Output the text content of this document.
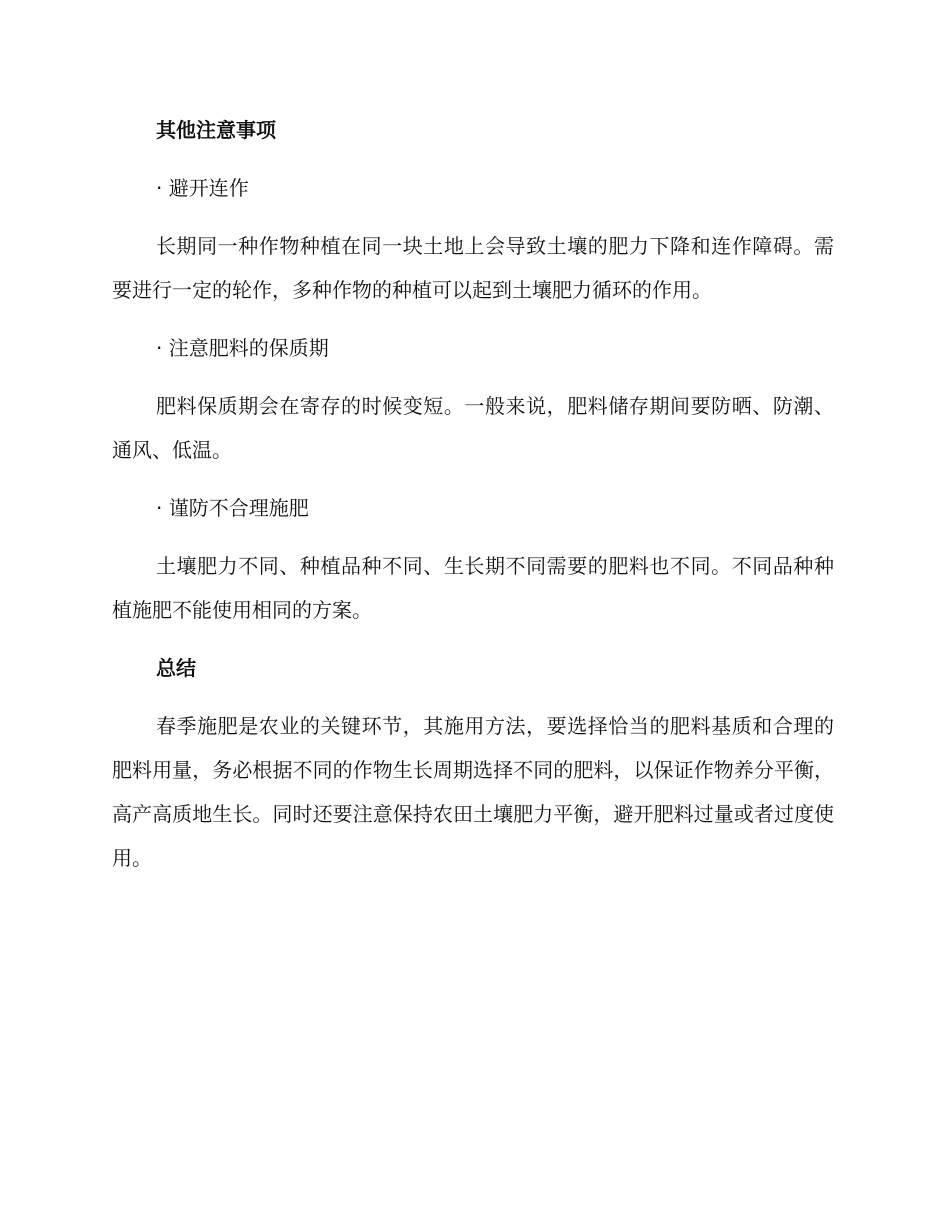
其他注意事项
· 避开连作
长期同一种作物种植在同一块土地上会导致土壤的肥力下降和连作障碍。需要进行一定的轮作，多种作物的种植可以起到土壤肥力循环的作用。
· 注意肥料的保质期
肥料保质期会在寄存的时候变短。一般来说，肥料储存期间要防晒、防潮、通风、低温。
· 谨防不合理施肥
土壤肥力不同、种植品种不同、生长期不同需要的肥料也不同。不同品种种植施肥不能使用相同的方案。
总结
春季施肥是农业的关键环节，其施用方法，要选择恰当的肥料基质和合理的肥料用量，务必根据不同的作物生长周期选择不同的肥料，以保证作物养分平衡，高产高质地生长。同时还要注意保持农田土壤肥力平衡，避开肥料过量或者过度使用。
